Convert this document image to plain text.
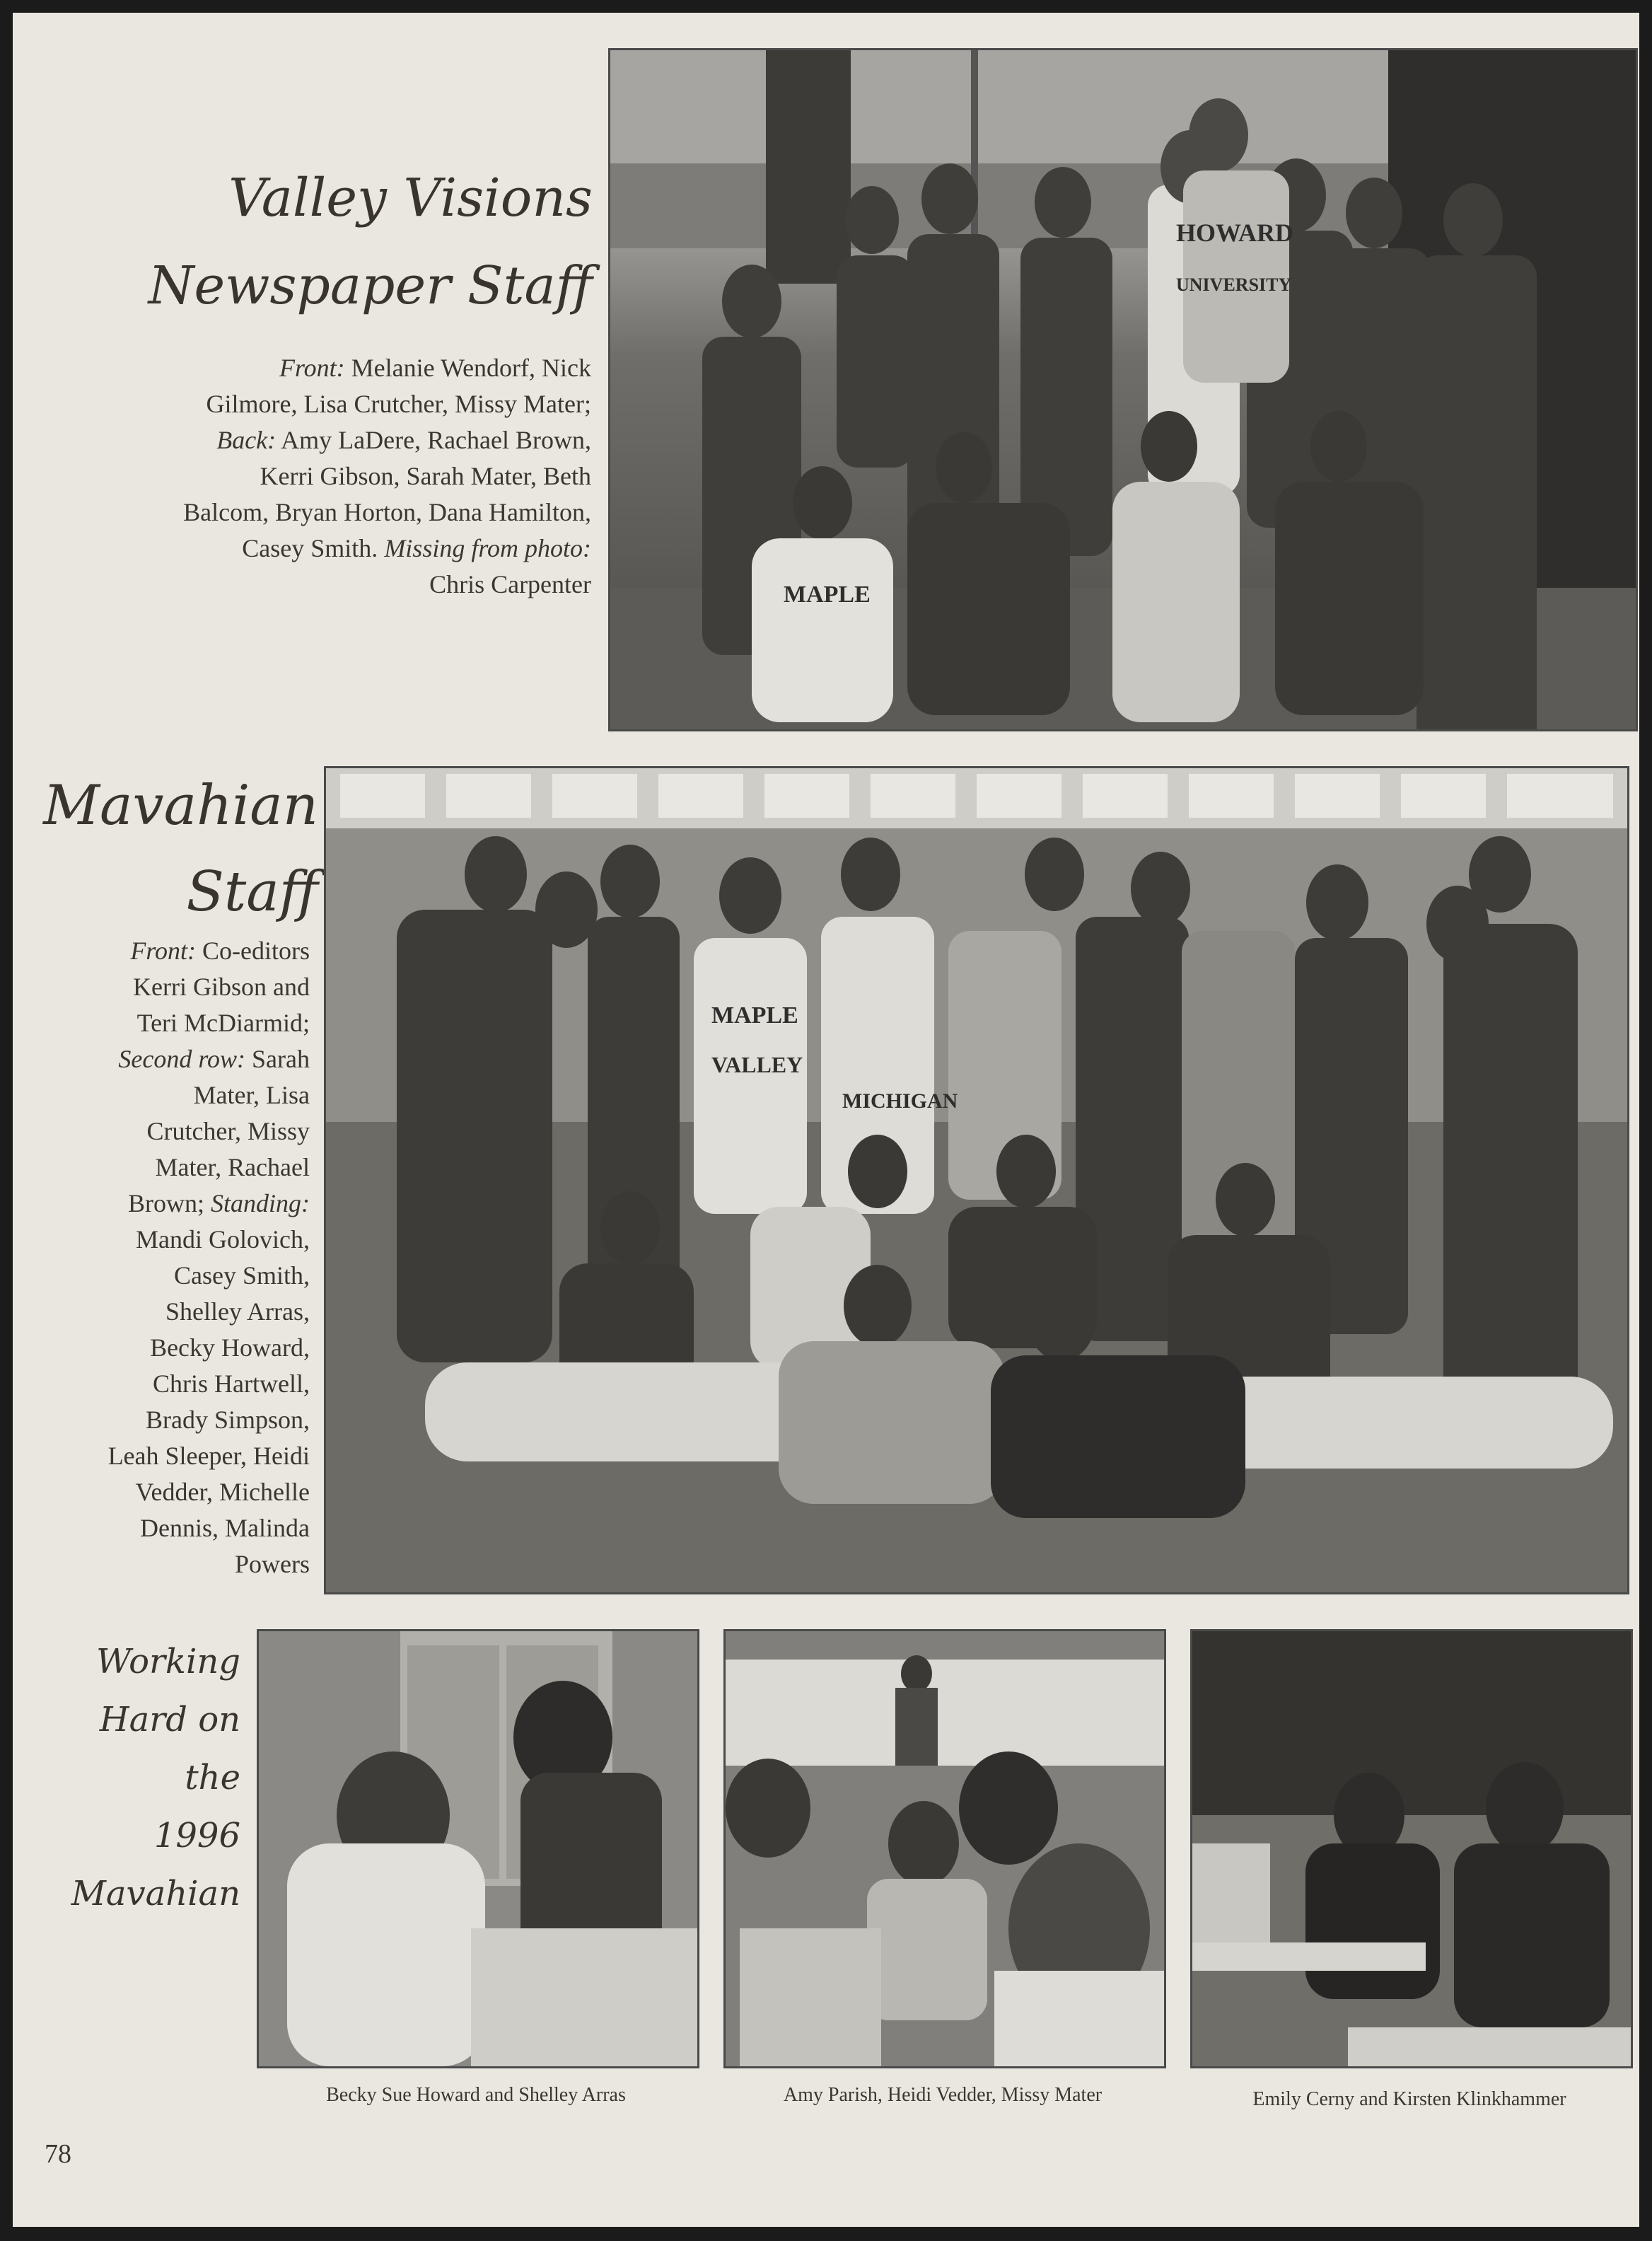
Valley Visions
Newspaper Staff
Front: Melanie Wendorf, Nick
Gilmore, Lisa Crutcher, Missy Mater;
Back: Amy LaDere, Rachael Brown,
Kerri Gibson, Sarah Mater, Beth
Balcom, Bryan Horton, Dana Hamilton,
Casey Smith. Missing from photo:
Chris Carpenter
HOWARD
UNIVERSITY
MAPLE
Mavahian
Staff
Front: Co-editors
Kerri Gibson and
Teri McDiarmid;
Second row: Sarah
Mater, Lisa
Crutcher, Missy
Mater, Rachael
Brown; Standing:
Mandi Golovich,
Casey Smith,
Shelley Arras,
Becky Howard,
Chris Hartwell,
Brady Simpson,
Leah Sleeper, Heidi
Vedder, Michelle
Dennis, Malinda
Powers
MAPLE
VALLEY
MICHIGAN
Working
Hard on the
1996
Mavahian
Becky Sue Howard and Shelley Arras	Amy Parish, Heidi Vedder, Missy Mater	Emily Cerny and Kirsten Klinkhammer
78
